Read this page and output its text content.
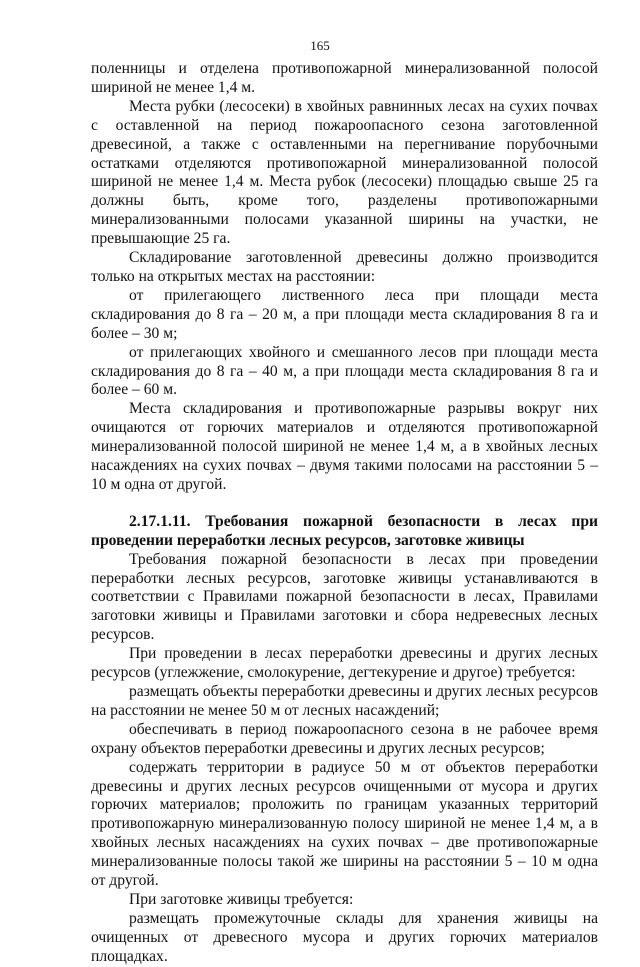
165

поленницы и отделена противопожарной минерализованной полосой шириной не менее 1,4 м.

Места рубки (лесосеки) в хвойных равнинных лесах на сухих почвах с оставленной на период пожароопасного сезона заготовленной древесиной, а также с оставленными на перегнивание порубочными остатками отделяются противопожарной минерализованной полосой шириной не менее 1,4 м. Места рубок (лесосеки) площадью свыше 25 га должны быть, кроме того, разделены противопожарными минерализованными полосами указанной ширины на участки, не превышающие 25 га.

Складирование заготовленной древесины должно производится только на открытых местах на расстоянии:

от прилегающего лиственного леса при площади места складирования до 8 га – 20 м, а при площади места складирования 8 га и более – 30 м;

от прилегающих хвойного и смешанного лесов при площади места складирования до 8 га – 40 м, а при площади места складирования 8 га и более – 60 м.

Места складирования и противопожарные разрывы вокруг них очищаются от горючих материалов и отделяются противопожарной минерализованной полосой шириной не менее 1,4 м, а в хвойных лесных насаждениях на сухих почвах – двумя такими полосами на расстоянии 5 – 10 м одна от другой.

2.17.1.11. Требования пожарной безопасности в лесах при проведении переработки лесных ресурсов, заготовке живицы

Требования пожарной безопасности в лесах при проведении переработки лесных ресурсов, заготовке живицы устанавливаются в соответствии с Правилами пожарной безопасности в лесах, Правилами заготовки живицы и Правилами заготовки и сбора недревесных лесных ресурсов.

При проведении в лесах переработки древесины и других лесных ресурсов (углежжение, смолокурение, дегтекурение и другое) требуется:

размещать объекты переработки древесины и других лесных ресурсов на расстоянии не менее 50 м от лесных насаждений;

обеспечивать в период пожароопасного сезона в не рабочее время охрану объектов переработки древесины и других лесных ресурсов;

содержать территории в радиусе 50 м от объектов переработки древесины и других лесных ресурсов очищенными от мусора и других горючих материалов; проложить по границам указанных территорий противопожарную минерализованную полосу шириной не менее 1,4 м, а в хвойных лесных насаждениях на сухих почвах – две противопожарные минерализованные полосы такой же ширины на расстоянии 5 – 10 м одна от другой.

При заготовке живицы требуется:

размещать промежуточные склады для хранения живицы на очищенных от древесного мусора и других горючих материалов площадках.
